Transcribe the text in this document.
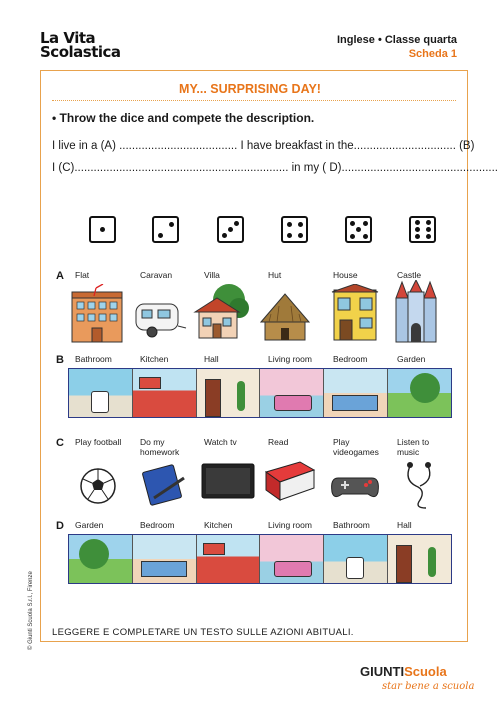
La Vita
Scolastica
Inglese • Classe quarta
Scheda 1
MY... SURPRISING DAY!
• Throw the dice and compete the description.
I live in a (A) ..................................... I have breakfast in the................................ (B)
I (C)................................................................... in my ( D).................................................
A Flat	Caravan	Villa	Hut	House	Castle
B Bathroom	Kitchen	Hall	Living room Bedroom	Garden
C Play football	Do my homework
Watch tv	Read	Play videogames
Listen to music
D Garden	Bedroom	Kitchen	Living room Bathroom	Hall
LEGGERE E COMPLETARE UN TESTO SULLE AZIONI ABITUALI.
© Giunti Scuola S.r.l., Firenze
GIUNTIScuola
star bene a scuola
